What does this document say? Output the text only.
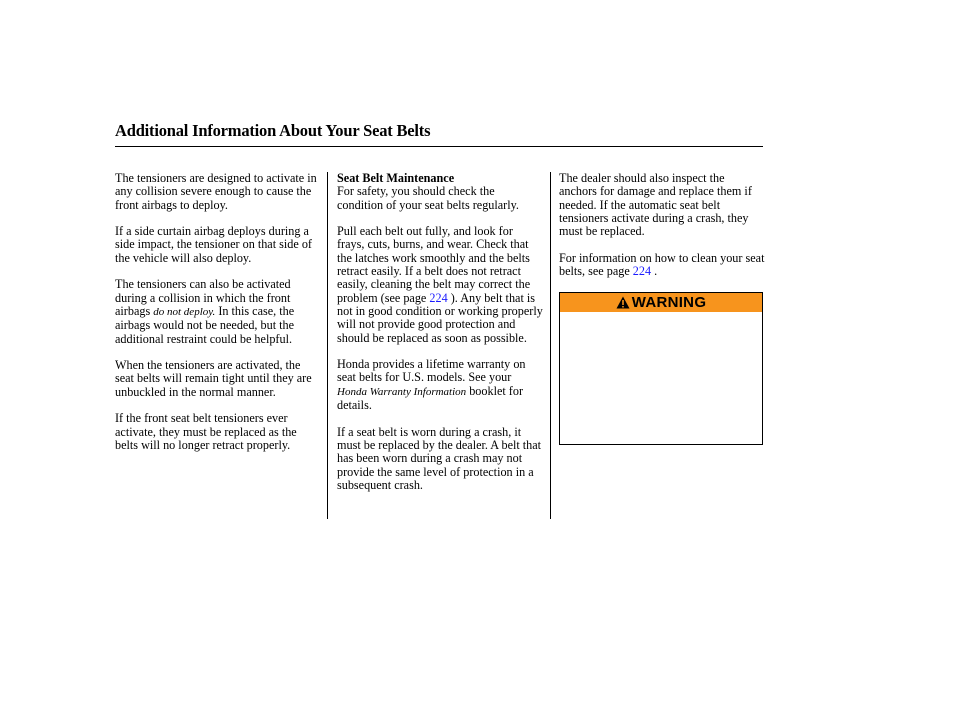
Additional Information About Your Seat Belts

The tensioners are designed to activate in any collision severe enough to cause the front airbags to deploy.

If a side curtain airbag deploys during a side impact, the tensioner on that side of the vehicle will also deploy.

The tensioners can also be activated during a collision in which the front airbags do not deploy. In this case, the airbags would not be needed, but the additional restraint could be helpful.

When the tensioners are activated, the seat belts will remain tight until they are unbuckled in the normal manner.

If the front seat belt tensioners ever activate, they must be replaced as the belts will no longer retract properly.

Seat Belt Maintenance
For safety, you should check the condition of your seat belts regularly.

Pull each belt out fully, and look for frays, cuts, burns, and wear. Check that the latches work smoothly and the belts retract easily. If a belt does not retract easily, cleaning the belt may correct the problem (see page 224 ). Any belt that is not in good condition or working properly will not provide good protection and should be replaced as soon as possible.

Honda provides a lifetime warranty on seat belts for U.S. models. See your Honda Warranty Information booklet for details.

If a seat belt is worn during a crash, it must be replaced by the dealer. A belt that has been worn during a crash may not provide the same level of protection in a subsequent crash.

The dealer should also inspect the anchors for damage and replace them if needed. If the automatic seat belt tensioners activate during a crash, they must be replaced.

For information on how to clean your seat belts, see page 224 .

WARNING
